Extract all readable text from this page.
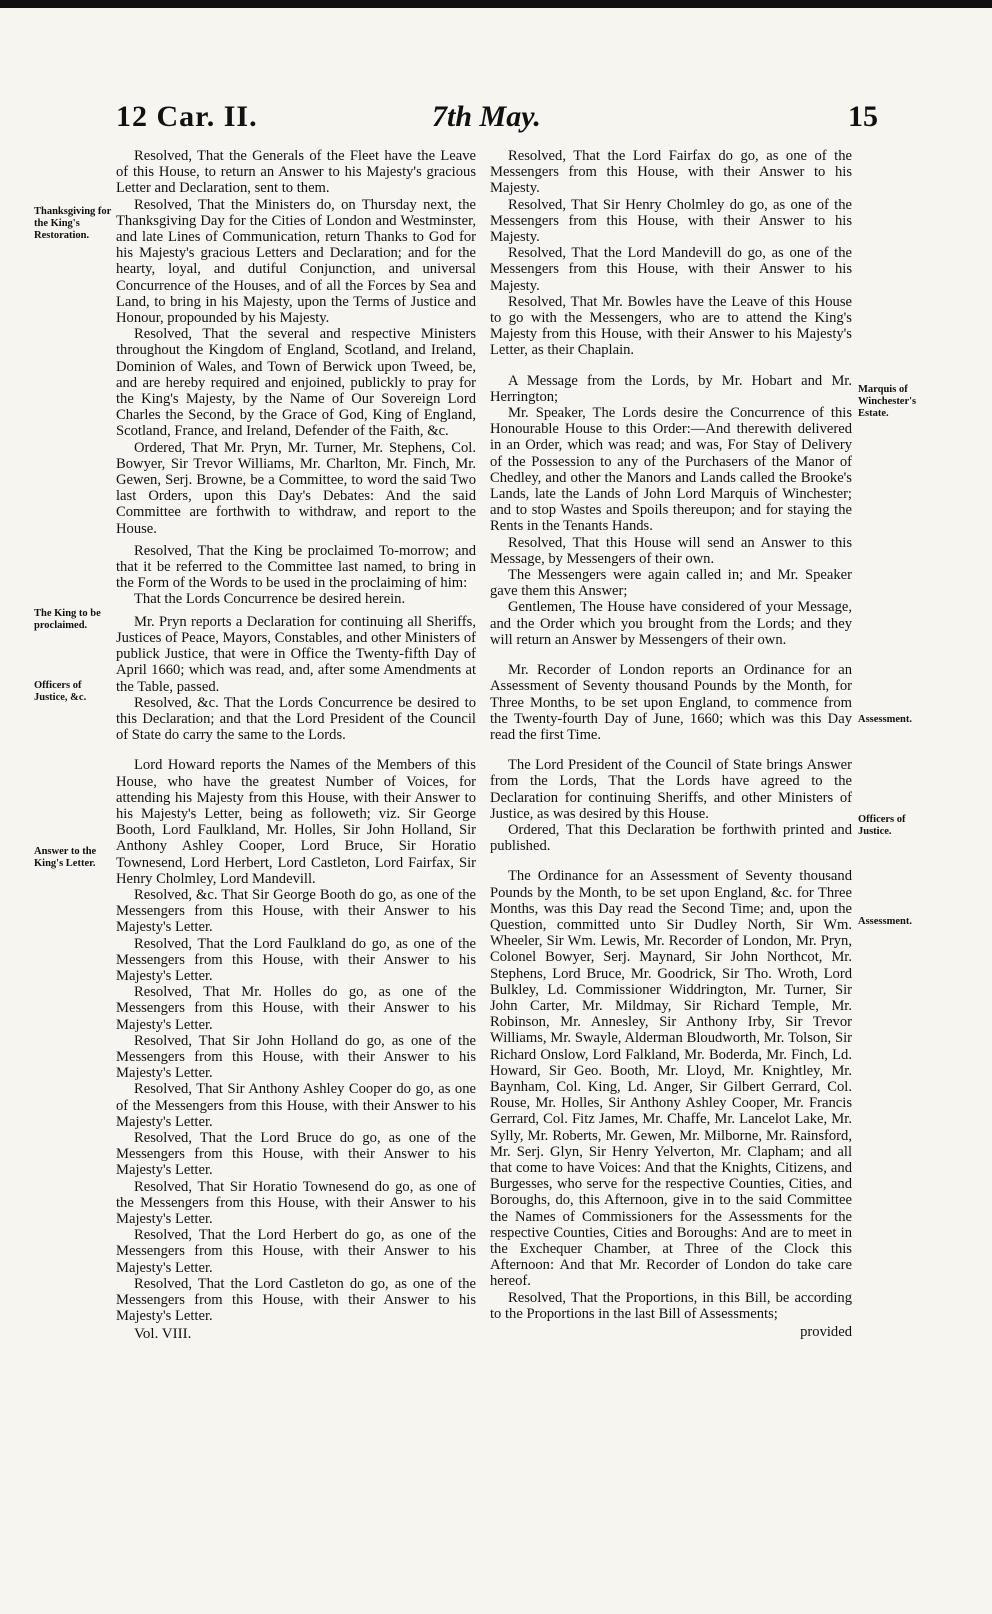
12 Car. II.	7th May.	15

Resolved, That the Generals of the Fleet have the Leave of this House, to return an Answer to his Majesty's gracious Letter and Declaration, sent to them.

Resolved, That the Ministers do, on Thursday next, the Thanksgiving Day for the Cities of London and Westminster, and late Lines of Communication, return Thanks to God for his Majesty's gracious Letters and Declaration; and for the hearty, loyal, and dutiful Conjunction, and universal Concurrence of the Houses, and of all the Forces by Sea and Land, to bring in his Majesty, upon the Terms of Justice and Honour, propounded by his Majesty.

Resolved, That the several and respective Ministers throughout the Kingdom of England, Scotland, and Ireland, Dominion of Wales, and Town of Berwick upon Tweed, be, and are hereby required and enjoined, publickly to pray for the King's Majesty, by the Name of Our Sovereign Lord Charles the Second, by the Grace of God, King of England, Scotland, France, and Ireland, Defender of the Faith, &c.

Ordered, That Mr. Pryn, Mr. Turner, Mr. Stephens, Col. Bowyer, Sir Trevor Williams, Mr. Charlton, Mr. Finch, Mr. Gewen, Serj. Browne, be a Committee, to word the said Two last Orders, upon this Day's Debates: And the said Committee are forthwith to withdraw, and report to the House.

Resolved, That the King be proclaimed To-morrow; and that it be referred to the Committee last named, to bring in the Form of the Words to be used in the proclaiming of him:

That the Lords Concurrence be desired herein.

Mr. Pryn reports a Declaration for continuing all Sheriffs, Justices of Peace, Mayors, Constables, and other Ministers of publick Justice, that were in Office the Twenty-fifth Day of April 1660; which was read, and, after some Amendments at the Table, passed.

Resolved, &c. That the Lords Concurrence be desired to this Declaration; and that the Lord President of the Council of State do carry the same to the Lords.

Lord Howard reports the Names of the Members of this House, who have the greatest Number of Voices, for attending his Majesty from this House, with their Answer to his Majesty's Letter, being as followeth; viz. Sir George Booth, Lord Faulkland, Mr. Holles, Sir John Holland, Sir Anthony Ashley Cooper, Lord Bruce, Sir Horatio Townesend, Lord Herbert, Lord Castleton, Lord Fairfax, Sir Henry Cholmley, Lord Mandevill.

Resolved, &c. That Sir George Booth do go, as one of the Messengers from this House, with their Answer to his Majesty's Letter.

Resolved, That the Lord Faulkland do go, as one of the Messengers from this House, with their Answer to his Majesty's Letter.

Resolved, That Mr. Holles do go, as one of the Messengers from this House, with their Answer to his Majesty's Letter.

Resolved, That Sir John Holland do go, as one of the Messengers from this House, with their Answer to his Majesty's Letter.

Resolved, That Sir Anthony Ashley Cooper do go, as one of the Messengers from this House, with their Answer to his Majesty's Letter.

Resolved, That the Lord Bruce do go, as one of the Messengers from this House, with their Answer to his Majesty's Letter.

Resolved, That Sir Horatio Townesend do go, as one of the Messengers from this House, with their Answer to his Majesty's Letter.

Resolved, That the Lord Herbert do go, as one of the Messengers from this House, with their Answer to his Majesty's Letter.

Resolved, That the Lord Castleton do go, as one of the Messengers from this House, with their Answer to his Majesty's Letter.

Vol. VIII.

Resolved, That the Lord Fairfax do go, as one of the Messengers from this House, with their Answer to his Majesty.

Resolved, That Sir Henry Cholmley do go, as one of the Messengers from this House, with their Answer to his Majesty.

Resolved, That the Lord Mandevill do go, as one of the Messengers from this House, with their Answer to his Majesty.

Resolved, That Mr. Bowles have the Leave of this House to go with the Messengers, who are to attend the King's Majesty from this House, with their Answer to his Majesty's Letter, as their Chaplain.

A Message from the Lords, by Mr. Hobart and Mr. Herrington;

Mr. Speaker, The Lords desire the Concurrence of this Honourable House to this Order:—And therewith delivered in an Order, which was read; and was, For Stay of Delivery of the Possession to any of the Purchasers of the Manor of Chedley, and other the Manors and Lands called the Brooke's Lands, late the Lands of John Lord Marquis of Winchester; and to stop Wastes and Spoils thereupon; and for staying the Rents in the Tenants Hands.

Resolved, That this House will send an Answer to this Message, by Messengers of their own.

The Messengers were again called in; and Mr. Speaker gave them this Answer;

Gentlemen, The House have considered of your Message, and the Order which you brought from the Lords; and they will return an Answer by Messengers of their own.

Mr. Recorder of London reports an Ordinance for an Assessment of Seventy thousand Pounds by the Month, for Three Months, to be set upon England, to commence from the Twenty-fourth Day of June, 1660; which was this Day read the first Time.

The Lord President of the Council of State brings Answer from the Lords, That the Lords have agreed to the Declaration for continuing Sheriffs, and other Ministers of Justice, as was desired by this House.

Ordered, That this Declaration be forthwith printed and published.

The Ordinance for an Assessment of Seventy thousand Pounds by the Month, to be set upon England, &c. for Three Months, was this Day read the Second Time; and, upon the Question, committed unto Sir Dudley North, Sir Wm. Wheeler, Sir Wm. Lewis, Mr. Recorder of London, Mr. Pryn, Colonel Bowyer, Serj. Maynard, Sir John Northcot, Mr. Stephens, Lord Bruce, Mr. Goodrick, Sir Tho. Wroth, Lord Bulkley, Ld. Commissioner Widdrington, Mr. Turner, Sir John Carter, Mr. Mildmay, Sir Richard Temple, Mr. Robinson, Mr. Annesley, Sir Anthony Irby, Sir Trevor Williams, Mr. Swayle, Alderman Bloudworth, Mr. Tolson, Sir Richard Onslow, Lord Falkland, Mr. Boderda, Mr. Finch, Ld. Howard, Sir Geo. Booth, Mr. Lloyd, Mr. Knightley, Mr. Baynham, Col. King, Ld. Anger, Sir Gilbert Gerrard, Col. Rouse, Mr. Holles, Sir Anthony Ashley Cooper, Mr. Francis Gerrard, Col. Fitz James, Mr. Chaffe, Mr. Lancelot Lake, Mr. Sylly, Mr. Roberts, Mr. Gewen, Mr. Milborne, Mr. Rainsford, Mr. Serj. Glyn, Sir Henry Yelverton, Mr. Clapham; and all that come to have Voices: And that the Knights, Citizens, and Burgesses, who serve for the respective Counties, Cities, and Boroughs, do, this Afternoon, give in to the said Committee the Names of Commissioners for the Assessments for the respective Counties, Cities and Boroughs: And are to meet in the Exchequer Chamber, at Three of the Clock this Afternoon: And that Mr. Recorder of London do take care hereof.

Resolved, That the Proportions, in this Bill, be according to the Proportions in the last Bill of Assessments;

provided

Thanksgiving for the King's Restoration.
The King to be proclaimed.
Officers of Justice, &c.
Answer to the King's Letter.
Marquis of Winchester's Estate.
Assessment.
Officers of Justice.
Assessment.
